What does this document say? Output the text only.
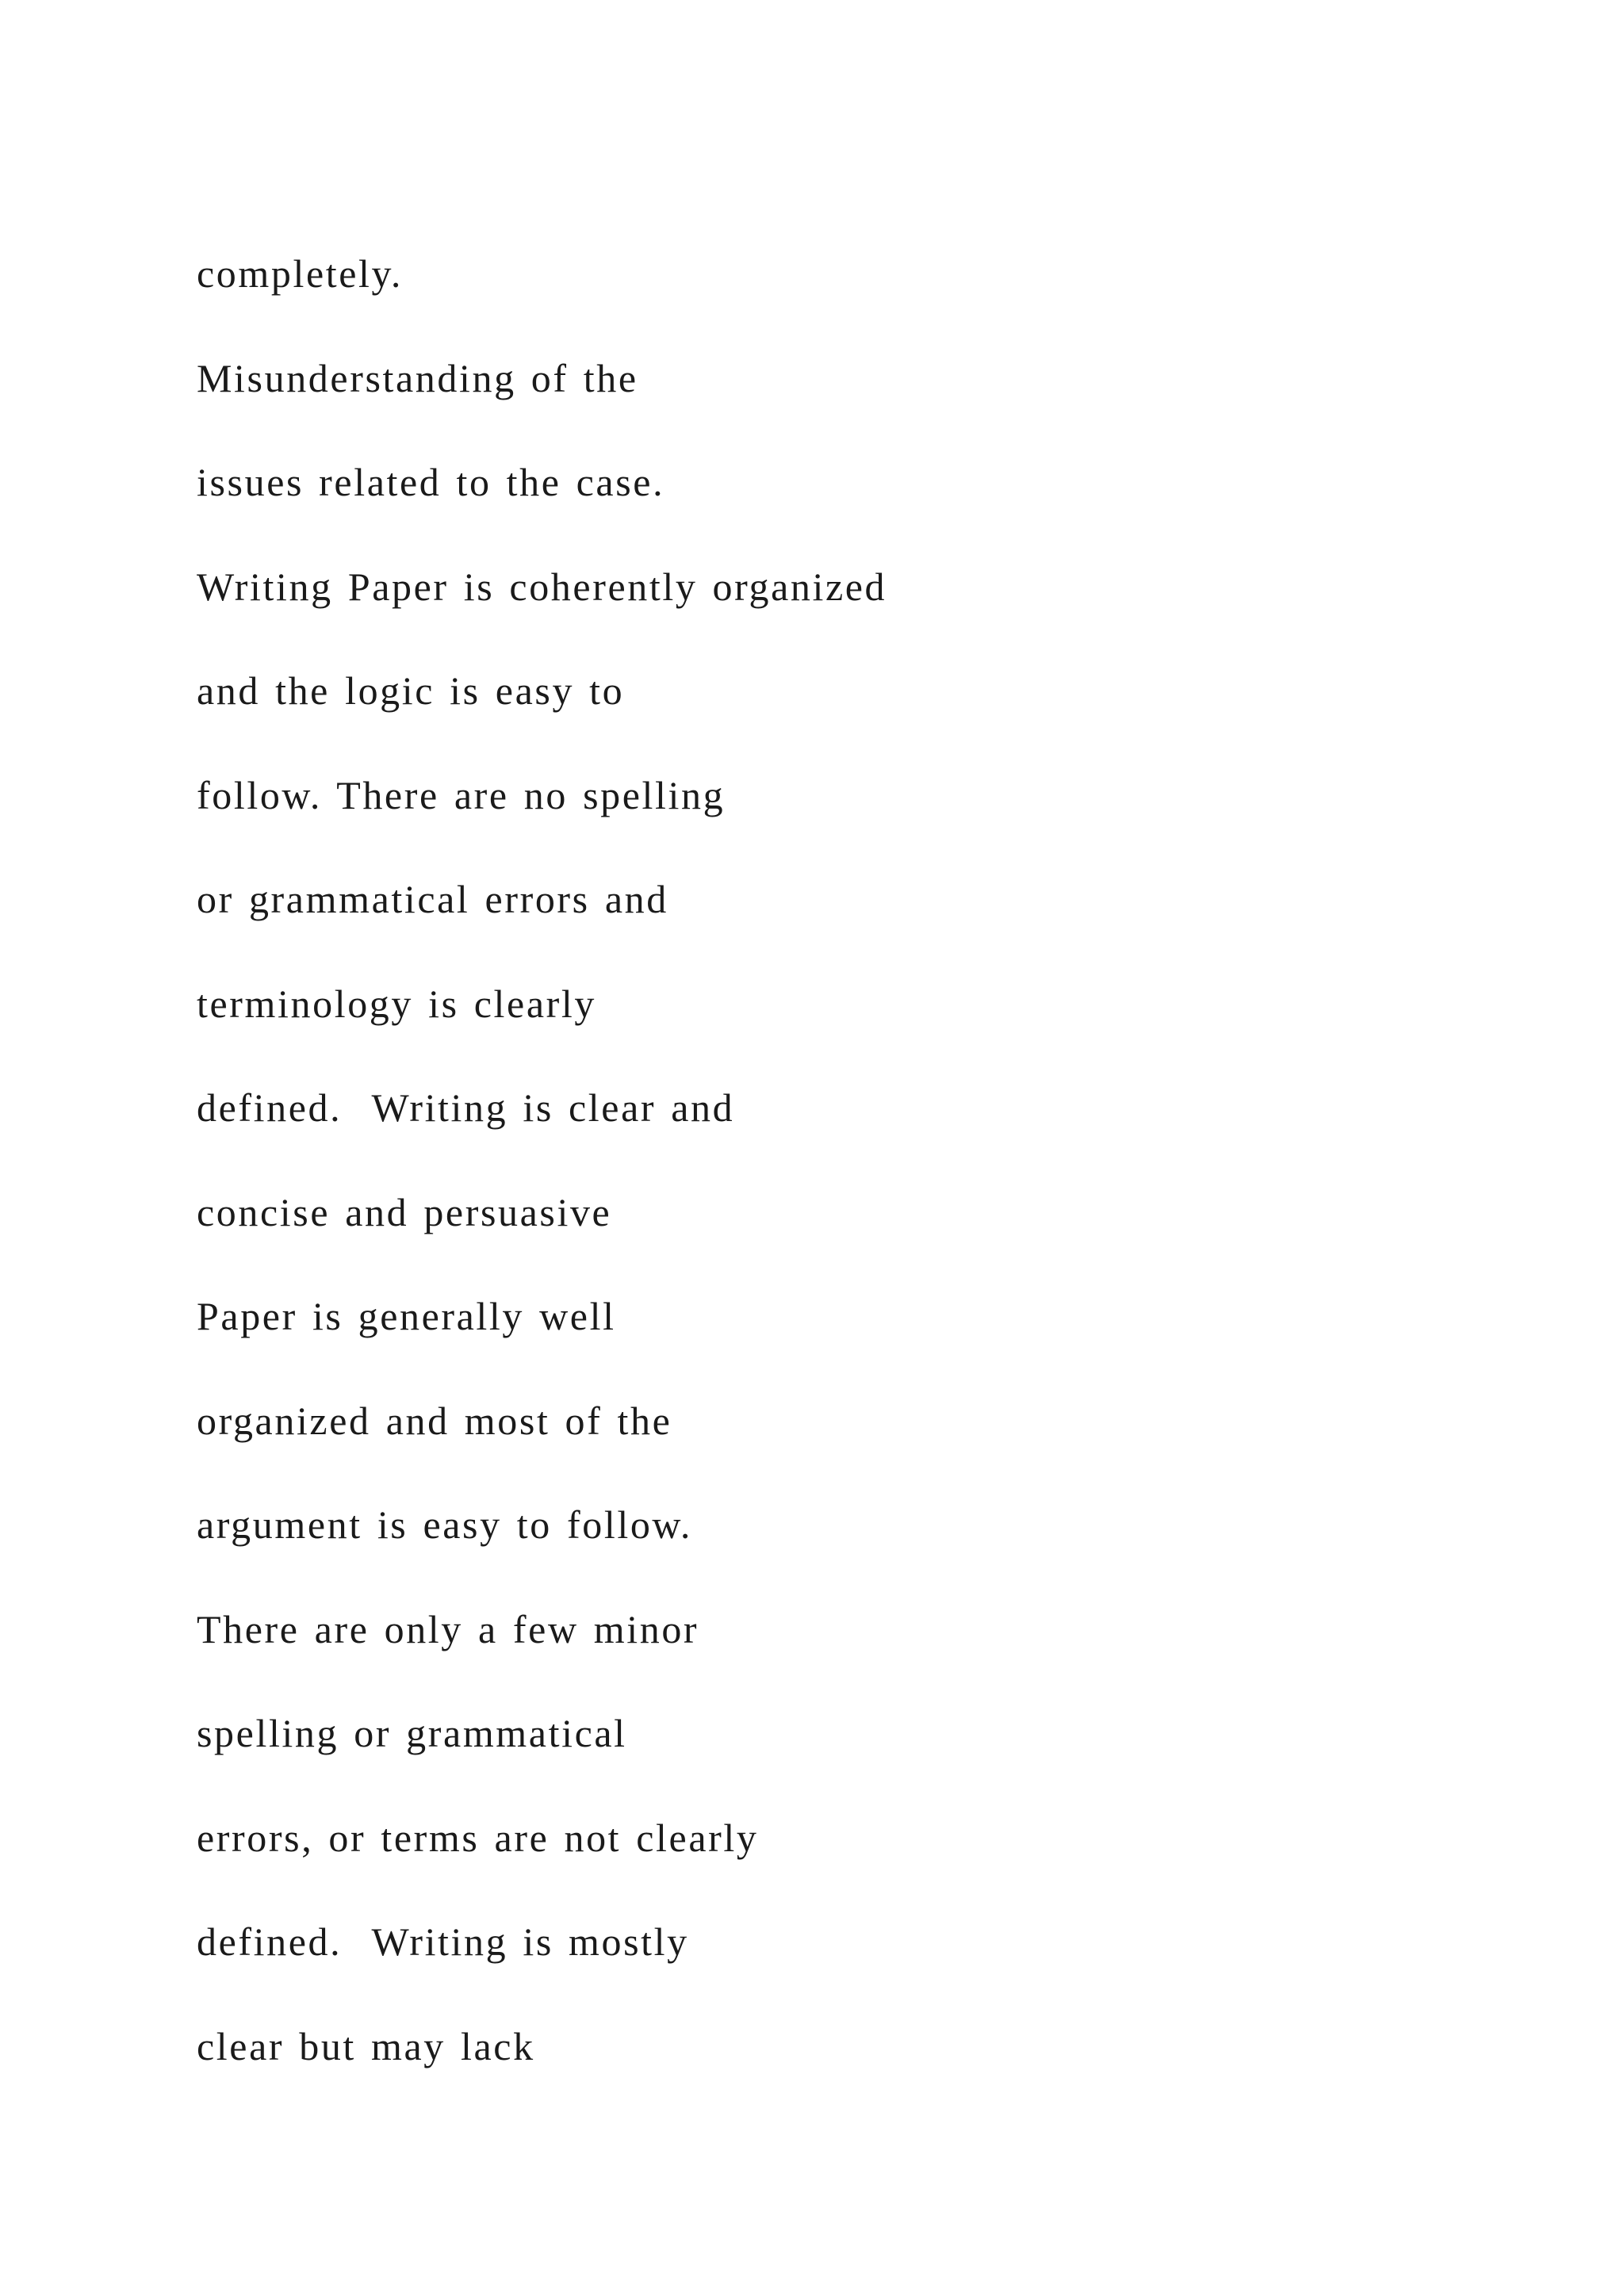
completely.
Misunderstanding of the
issues related to the case.
Writing Paper is coherently organized
and the logic is easy to
follow. There are no spelling
or grammatical errors and
terminology is clearly
defined.  Writing is clear and
concise and persuasive
Paper is generally well
organized and most of the
argument is easy to follow.
There are only a few minor
spelling or grammatical
errors, or terms are not clearly
defined.  Writing is mostly
clear but may lack
